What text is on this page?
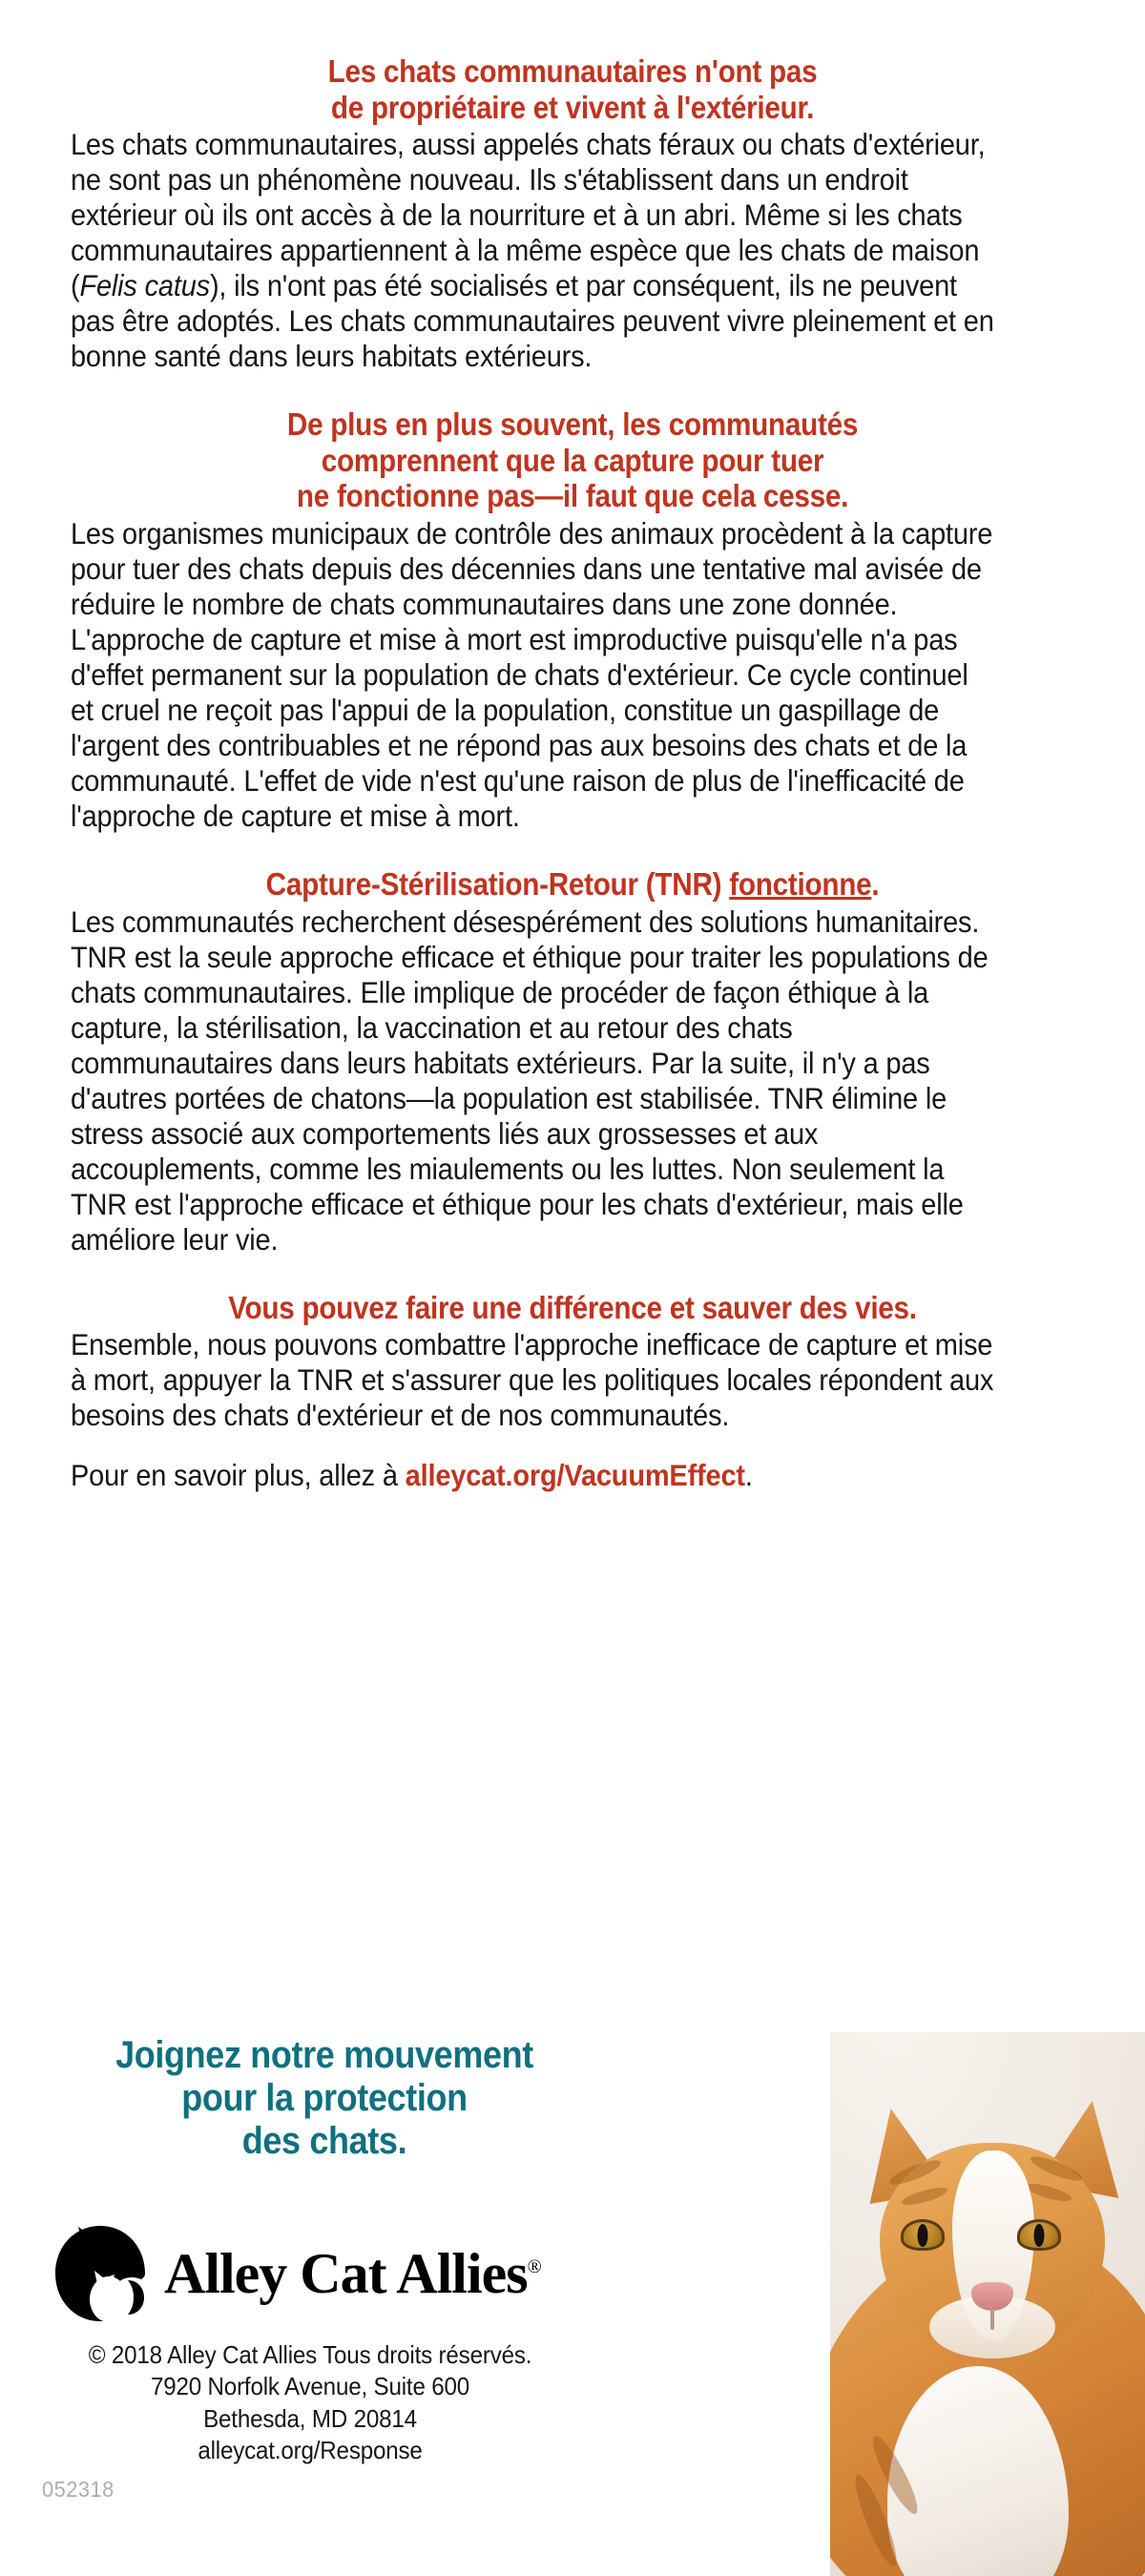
Les chats communautaires n'ont pas
de propriétaire et vivent à l'extérieur.

Les chats communautaires, aussi appelés chats féraux ou chats d'extérieur, ne sont pas un phénomène nouveau. Ils s'établissent dans un endroit extérieur où ils ont accès à de la nourriture et à un abri. Même si les chats communautaires appartiennent à la même espèce que les chats de maison (Felis catus), ils n'ont pas été socialisés et par conséquent, ils ne peuvent pas être adoptés. Les chats communautaires peuvent vivre pleinement et en bonne santé dans leurs habitats extérieurs.

De plus en plus souvent, les communautés
comprennent que la capture pour tuer
ne fonctionne pas—il faut que cela cesse.

Les organismes municipaux de contrôle des animaux procèdent à la capture pour tuer des chats depuis des décennies dans une tentative mal avisée de réduire le nombre de chats communautaires dans une zone donnée. L'approche de capture et mise à mort est improductive puisqu'elle n'a pas d'effet permanent sur la population de chats d'extérieur. Ce cycle continuel et cruel ne reçoit pas l'appui de la population, constitue un gaspillage de l'argent des contribuables et ne répond pas aux besoins des chats et de la communauté. L'effet de vide n'est qu'une raison de plus de l'inefficacité de l'approche de capture et mise à mort.

Capture-Stérilisation-Retour (TNR) fonctionne.

Les communautés recherchent désespérément des solutions humanitaires. TNR est la seule approche efficace et éthique pour traiter les populations de chats communautaires. Elle implique de procéder de façon éthique à la capture, la stérilisation, la vaccination et au retour des chats communautaires dans leurs habitats extérieurs. Par la suite, il n'y a pas d'autres portées de chatons—la population est stabilisée. TNR élimine le stress associé aux comportements liés aux grossesses et aux accouplements, comme les miaulements ou les luttes. Non seulement la TNR est l'approche efficace et éthique pour les chats d'extérieur, mais elle améliore leur vie.

Vous pouvez faire une différence et sauver des vies.

Ensemble, nous pouvons combattre l'approche inefficace de capture et mise à mort, appuyer la TNR et s'assurer que les politiques locales répondent aux besoins des chats d'extérieur et de nos communautés.

Pour en savoir plus, allez à alleycat.org/VacuumEffect.

Joignez notre mouvement
pour la protection
des chats.
Alley Cat Allies®
© 2018 Alley Cat Allies Tous droits réservés.
7920 Norfolk Avenue, Suite 600
Bethesda, MD 20814
alleycat.org/Response
052318
